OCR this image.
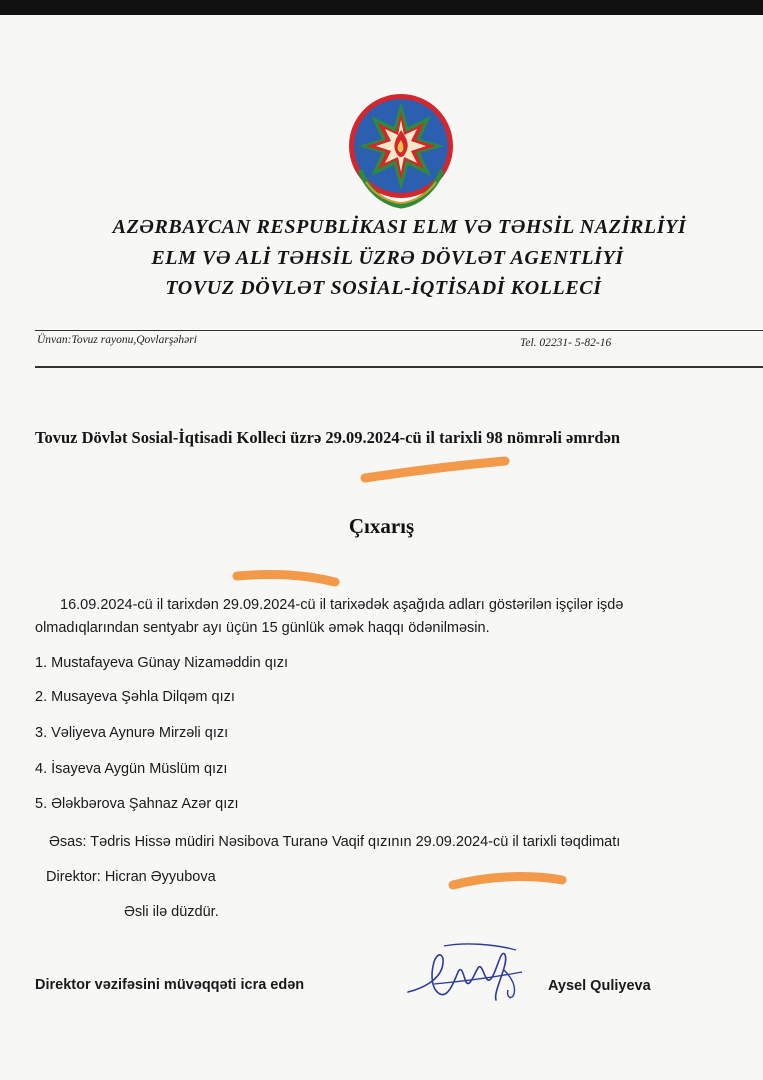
AZƏRBAYCAN RESPUBLİKASI ELM VƏ TƏHSİL NAZİRLİYİ
ELM VƏ ALİ TƏHSİL ÜZRƏ DÖVLƏT AGENTLİYİ
TOVUZ DÖVLƏT SOSİAL-İQTİSADİ KOLLECİ
Ünvan:Tovuz rayonu,Qovlarşəhəri	Tel. 02231- 5-82-16
Tovuz Dövlət Sosial-İqtisadi Kolleci üzrə 29.09.2024-cü il tarixli 98 nömrəli əmrdən
Çıxarış
16.09.2024-cü il tarixdən 29.09.2024-cü il tarixədək aşağıda adları göstərilən işçilər işdə
olmadıqlarından sentyabr ayı üçün 15 günlük əmək haqqı ödənilməsin.
1. Mustafayeva Günay Nizaməddin qızı
2. Musayeva Şəhla Dilqəm qızı
3. Vəliyeva Aynurə Mirzəli qızı
4. İsayeva Aygün Müslüm qızı
5. Ələkbərova Şahnaz Azər qızı
Əsas: Tədris Hissə müdiri Nəsibova Turanə Vaqif qızının 29.09.2024-cü il tarixli təqdimatı
Direktor: Hicran Əyyubova
Əsli ilə düzdür.
Direktor vəzifəsini müvəqqəti icra edən	Aysel Quliyeva
